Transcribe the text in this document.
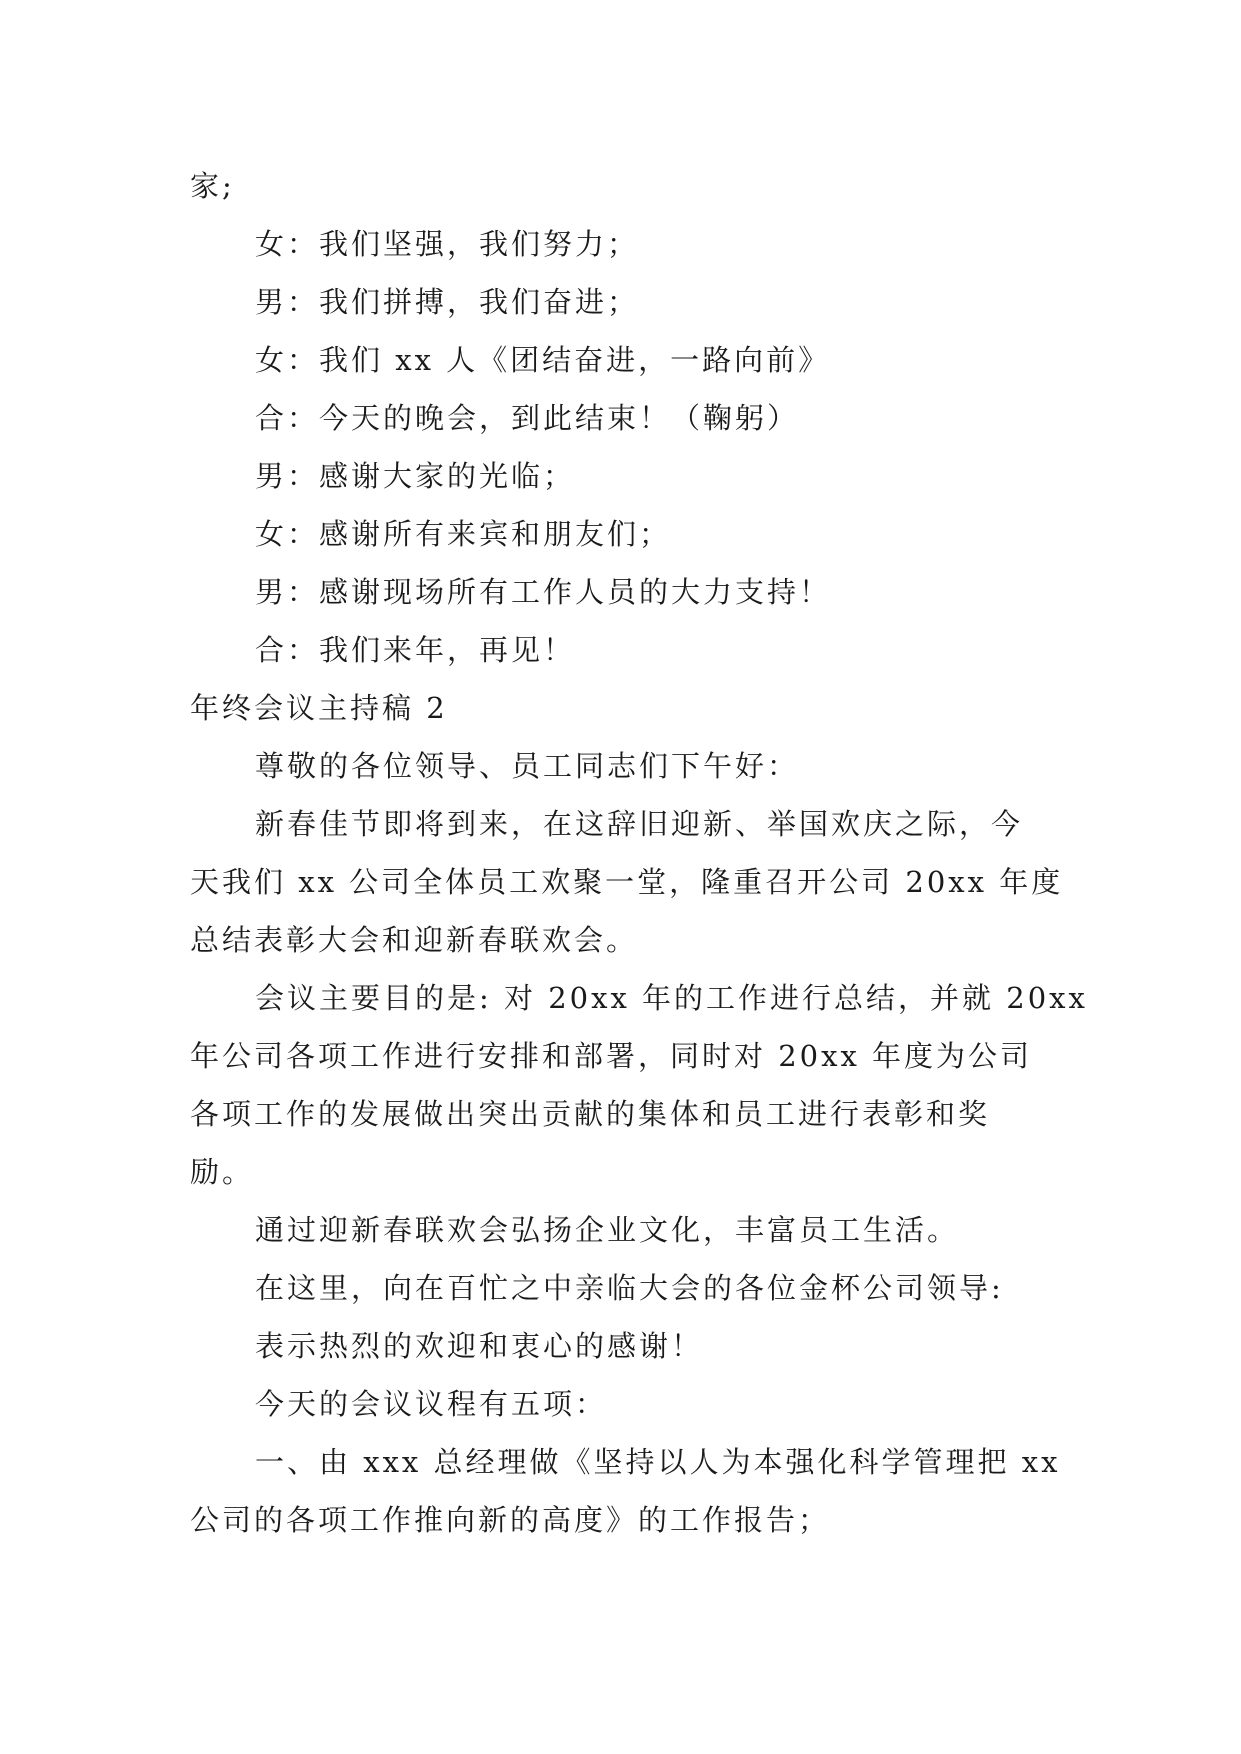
家;
女：我们坚强，我们努力；
男：我们拼搏，我们奋进；
女：我们 xx 人《团结奋进，一路向前》
合：今天的晚会，到此结束！（鞠躬）
男：感谢大家的光临；
女：感谢所有来宾和朋友们；
男：感谢现场所有工作人员的大力支持！
合：我们来年，再见！
年终会议主持稿 2
尊敬的各位领导、员工同志们下午好：
新春佳节即将到来，在这辞旧迎新、举国欢庆之际，今
天我们 xx 公司全体员工欢聚一堂，隆重召开公司 20xx 年度
总结表彰大会和迎新春联欢会。
会议主要目的是: 对 20xx 年的工作进行总结，并就 20xx
年公司各项工作进行安排和部署，同时对 20xx 年度为公司
各项工作的发展做出突出贡献的集体和员工进行表彰和奖
励。
通过迎新春联欢会弘扬企业文化，丰富员工生活。
在这里，向在百忙之中亲临大会的各位金杯公司领导:
表示热烈的欢迎和衷心的感谢！
今天的会议议程有五项：
一、由 xxx 总经理做《坚持以人为本强化科学管理把 xx
公司的各项工作推向新的高度》的工作报告；
